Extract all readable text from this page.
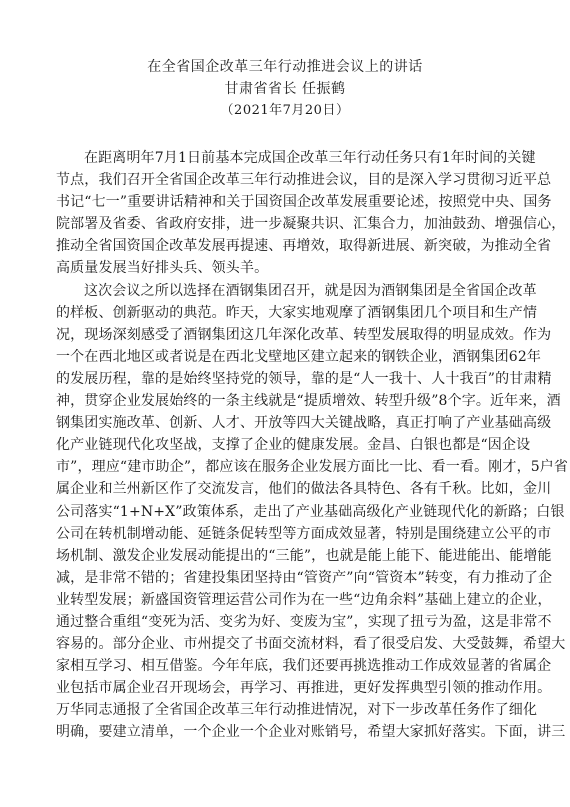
在全省国企改革三年行动推进会议上的讲话
甘肃省省长 任振鹤
（2021年7月20日）
在距离明年7月1日前基本完成国企改革三年行动任务只有1年时间的关键
节点，我们召开全省国企改革三年行动推进会议，目的是深入学习贯彻习近平总
书记“七一”重要讲话精神和关于国资国企改革发展重要论述，按照党中央、国务
院部署及省委、省政府安排，进一步凝聚共识、汇集合力，加油鼓劲、增强信心，
推动全省国资国企改革发展再提速、再增效，取得新进展、新突破，为推动全省
高质量发展当好排头兵、领头羊。
这次会议之所以选择在酒钢集团召开，就是因为酒钢集团是全省国企改革
的样板、创新驱动的典范。昨天，大家实地观摩了酒钢集团几个项目和生产情
况，现场深刻感受了酒钢集团这几年深化改革、转型发展取得的明显成效。作为
一个在西北地区或者说是在西北戈壁地区建立起来的钢铁企业，酒钢集团62年
的发展历程，靠的是始终坚持党的领导，靠的是“人一我十、人十我百”的甘肃精
神，贯穿企业发展始终的一条主线就是“提质增效、转型升级”8个字。近年来，酒
钢集团实施改革、创新、人才、开放等四大关键战略，真正打响了产业基础高级
化产业链现代化攻坚战，支撑了企业的健康发展。金昌、白银也都是“因企设
市”，理应“建市助企”，都应该在服务企业发展方面比一比、看一看。刚才，5户省
属企业和兰州新区作了交流发言，他们的做法各具特色、各有千秋。比如，金川
公司落实“1+N+X”政策体系，走出了产业基础高级化产业链现代化的新路；白银
公司在转机制增动能、延链条促转型等方面成效显著，特别是围绕建立公平的市
场机制、激发企业发展动能提出的“三能”，也就是能上能下、能进能出、能增能
减，是非常不错的；省建投集团坚持由“管资产”向“管资本”转变，有力推动了企
业转型发展；新盛国资管理运营公司作为在一些“边角余料”基础上建立的企业，
通过整合重组“变死为活、变劣为好、变废为宝”，实现了扭亏为盈，这是非常不
容易的。部分企业、市州提交了书面交流材料，看了很受启发、大受鼓舞，希望大
家相互学习、相互借鉴。今年年底，我们还要再挑选推动工作成效显著的省属企
业包括市属企业召开现场会，再学习、再推进，更好发挥典型引领的推动作用。
万华同志通报了全省国企改革三年行动推进情况，对下一步改革任务作了细化
明确，要建立清单，一个企业一个企业对账销号，希望大家抓好落实。下面，讲三
